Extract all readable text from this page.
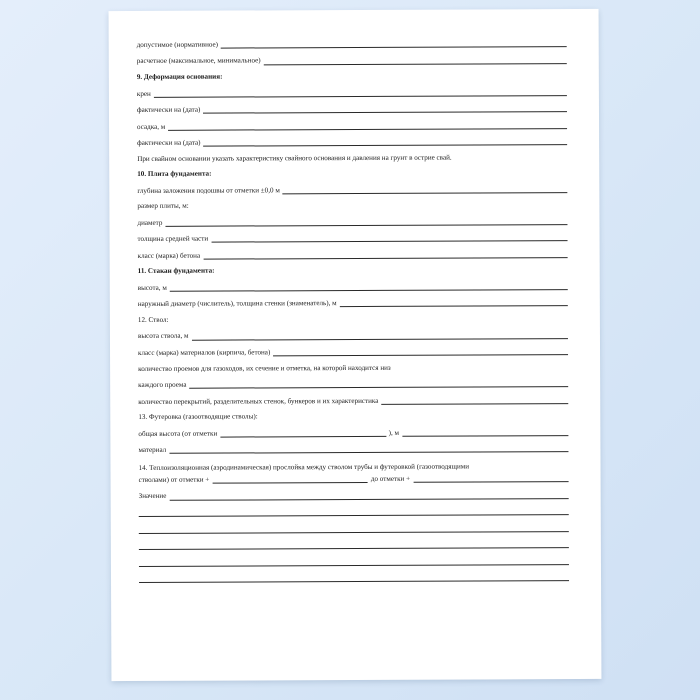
допустимое (нормативное)
расчетное (максимальное, минимальное)
9. Деформация основания:
крен
фактически на (дата)
осадка, м
фактически на (дата)
При свайном основании указать характеристику свайного основания и давления на грунт в острие свай.
10. Плита фундамента:
глубина заложения подошвы от отметки ±0,0 м
размер плиты, м:
диаметр
толщина средней части
класс (марка) бетона
11. Стакан фундамента:
высота, м
наружный диаметр (числитель), толщина стенки (знаменатель), м
12. Ствол:
высота ствола, м
класс (марка) материалов (кирпича, бетона)
количество проемов для газоходов, их сечение и отметка, на которой находится низ
каждого проема
количество перекрытий, разделительных стенок, бункеров и их характеристика
13. Футеровка (газоотводящие стволы):
общая высота (от отметки	), м
материал
14. Теплоизоляционная (аэродинамическая) прослойка между стволом трубы и футеровкой (газоотводящими
стволами) от отметки +	до отметки +
Значение
